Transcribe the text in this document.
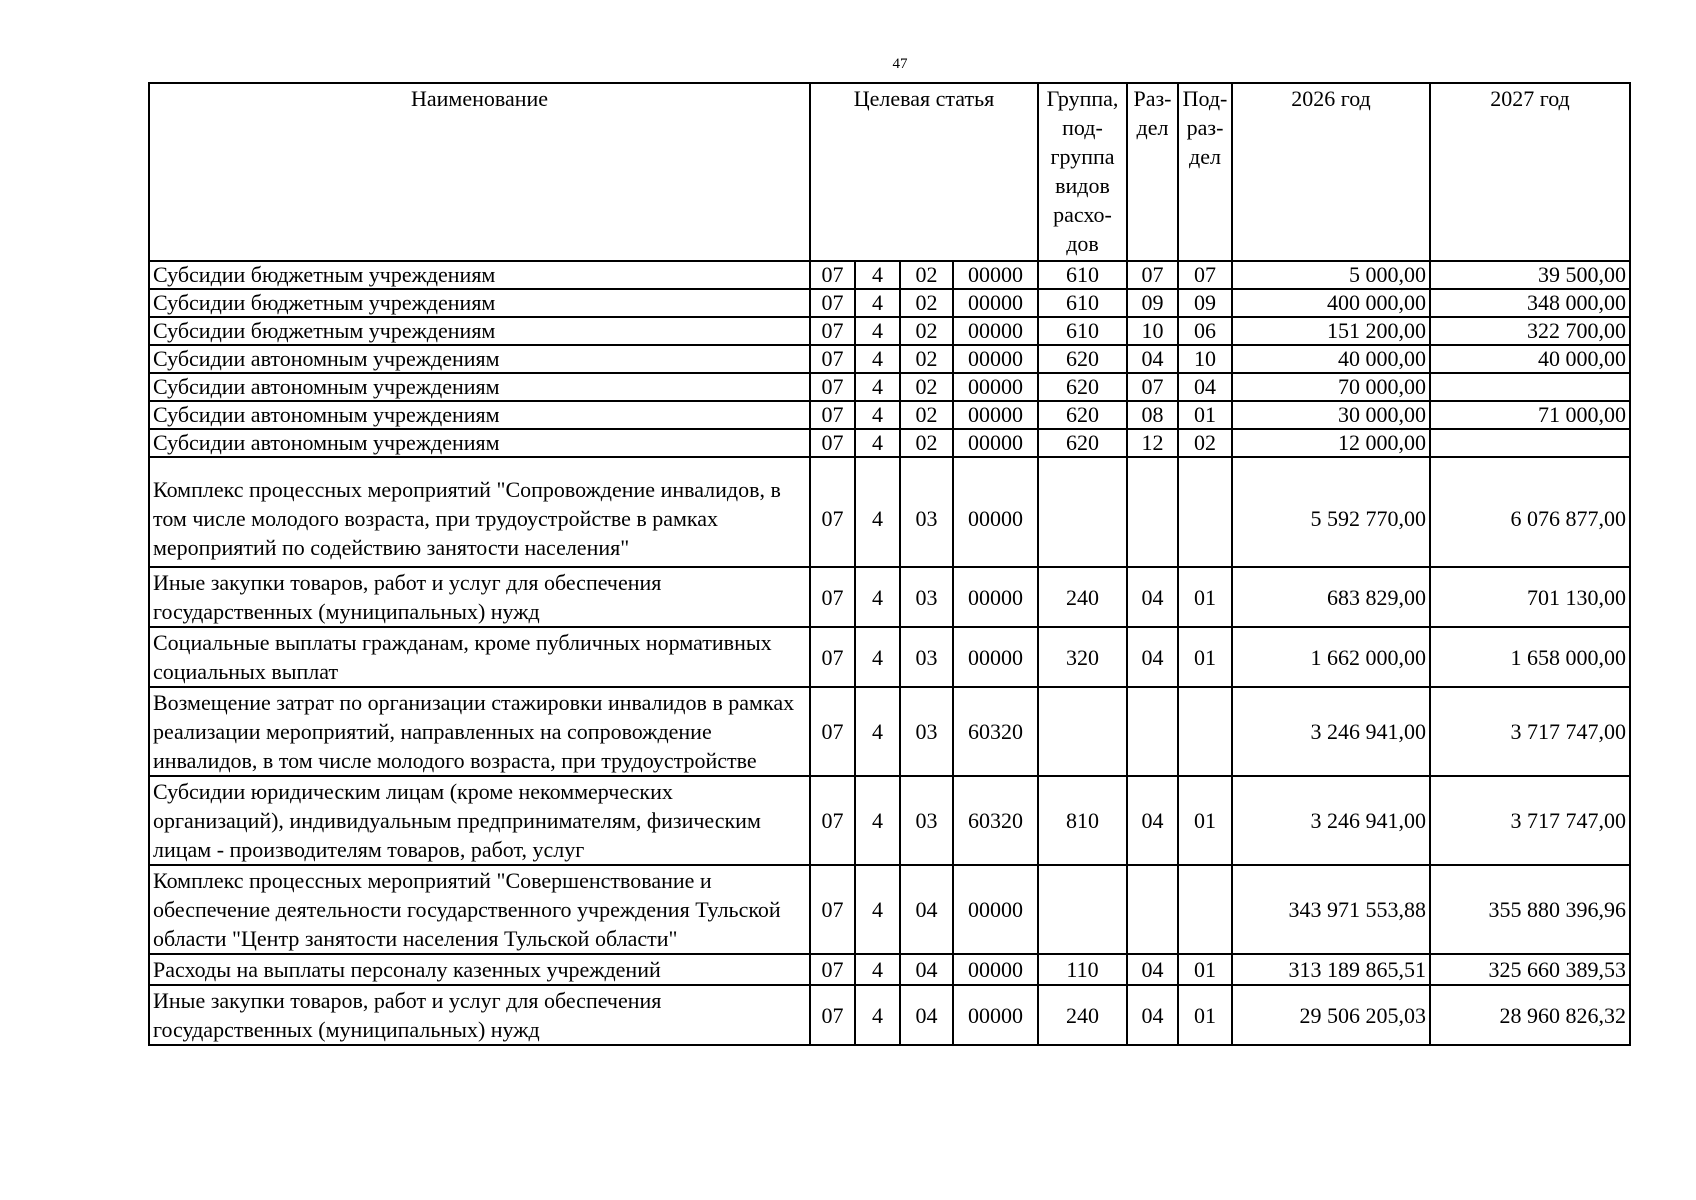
47
Наименование	Целевая статья				Группа, под-группа видов расхо-дов	Раз-дел	Под-раз-дел	2026 год	2027 год
Субсидии бюджетным учреждениям	07	4	02	00000	610	07	07	5 000,00	39 500,00
Субсидии бюджетным учреждениям	07	4	02	00000	610	09	09	400 000,00	348 000,00
Субсидии бюджетным учреждениям	07	4	02	00000	610	10	06	151 200,00	322 700,00
Субсидии автономным учреждениям	07	4	02	00000	620	04	10	40 000,00	40 000,00
Субсидии автономным учреждениям	07	4	02	00000	620	07	04	70 000,00	
Субсидии автономным учреждениям	07	4	02	00000	620	08	01	30 000,00	71 000,00
Субсидии автономным учреждениям	07	4	02	00000	620	12	02	12 000,00	
Комплекс процессных мероприятий "Сопровождение инвалидов, в том числе молодого возраста, при трудоустройстве в рамках мероприятий по содействию занятости населения"	07	4	03	00000				5 592 770,00	6 076 877,00
Иные закупки товаров, работ и услуг для обеспечения государственных (муниципальных) нужд	07	4	03	00000	240	04	01	683 829,00	701 130,00
Социальные выплаты гражданам, кроме публичных нормативных социальных выплат	07	4	03	00000	320	04	01	1 662 000,00	1 658 000,00
Возмещение затрат по организации стажировки инвалидов в рамках реализации мероприятий, направленных на сопровождение инвалидов, в том числе молодого возраста, при трудоустройстве	07	4	03	60320				3 246 941,00	3 717 747,00
Субсидии юридическим лицам (кроме некоммерческих организаций), индивидуальным предпринимателям, физическим лицам - производителям товаров, работ, услуг	07	4	03	60320	810	04	01	3 246 941,00	3 717 747,00
Комплекс процессных мероприятий "Совершенствование и обеспечение деятельности государственного учреждения Тульской области "Центр занятости населения Тульской области"	07	4	04	00000				343 971 553,88	355 880 396,96
Расходы на выплаты персоналу казенных учреждений	07	4	04	00000	110	04	01	313 189 865,51	325 660 389,53
Иные закупки товаров, работ и услуг для обеспечения государственных (муниципальных) нужд	07	4	04	00000	240	04	01	29 506 205,03	28 960 826,32
